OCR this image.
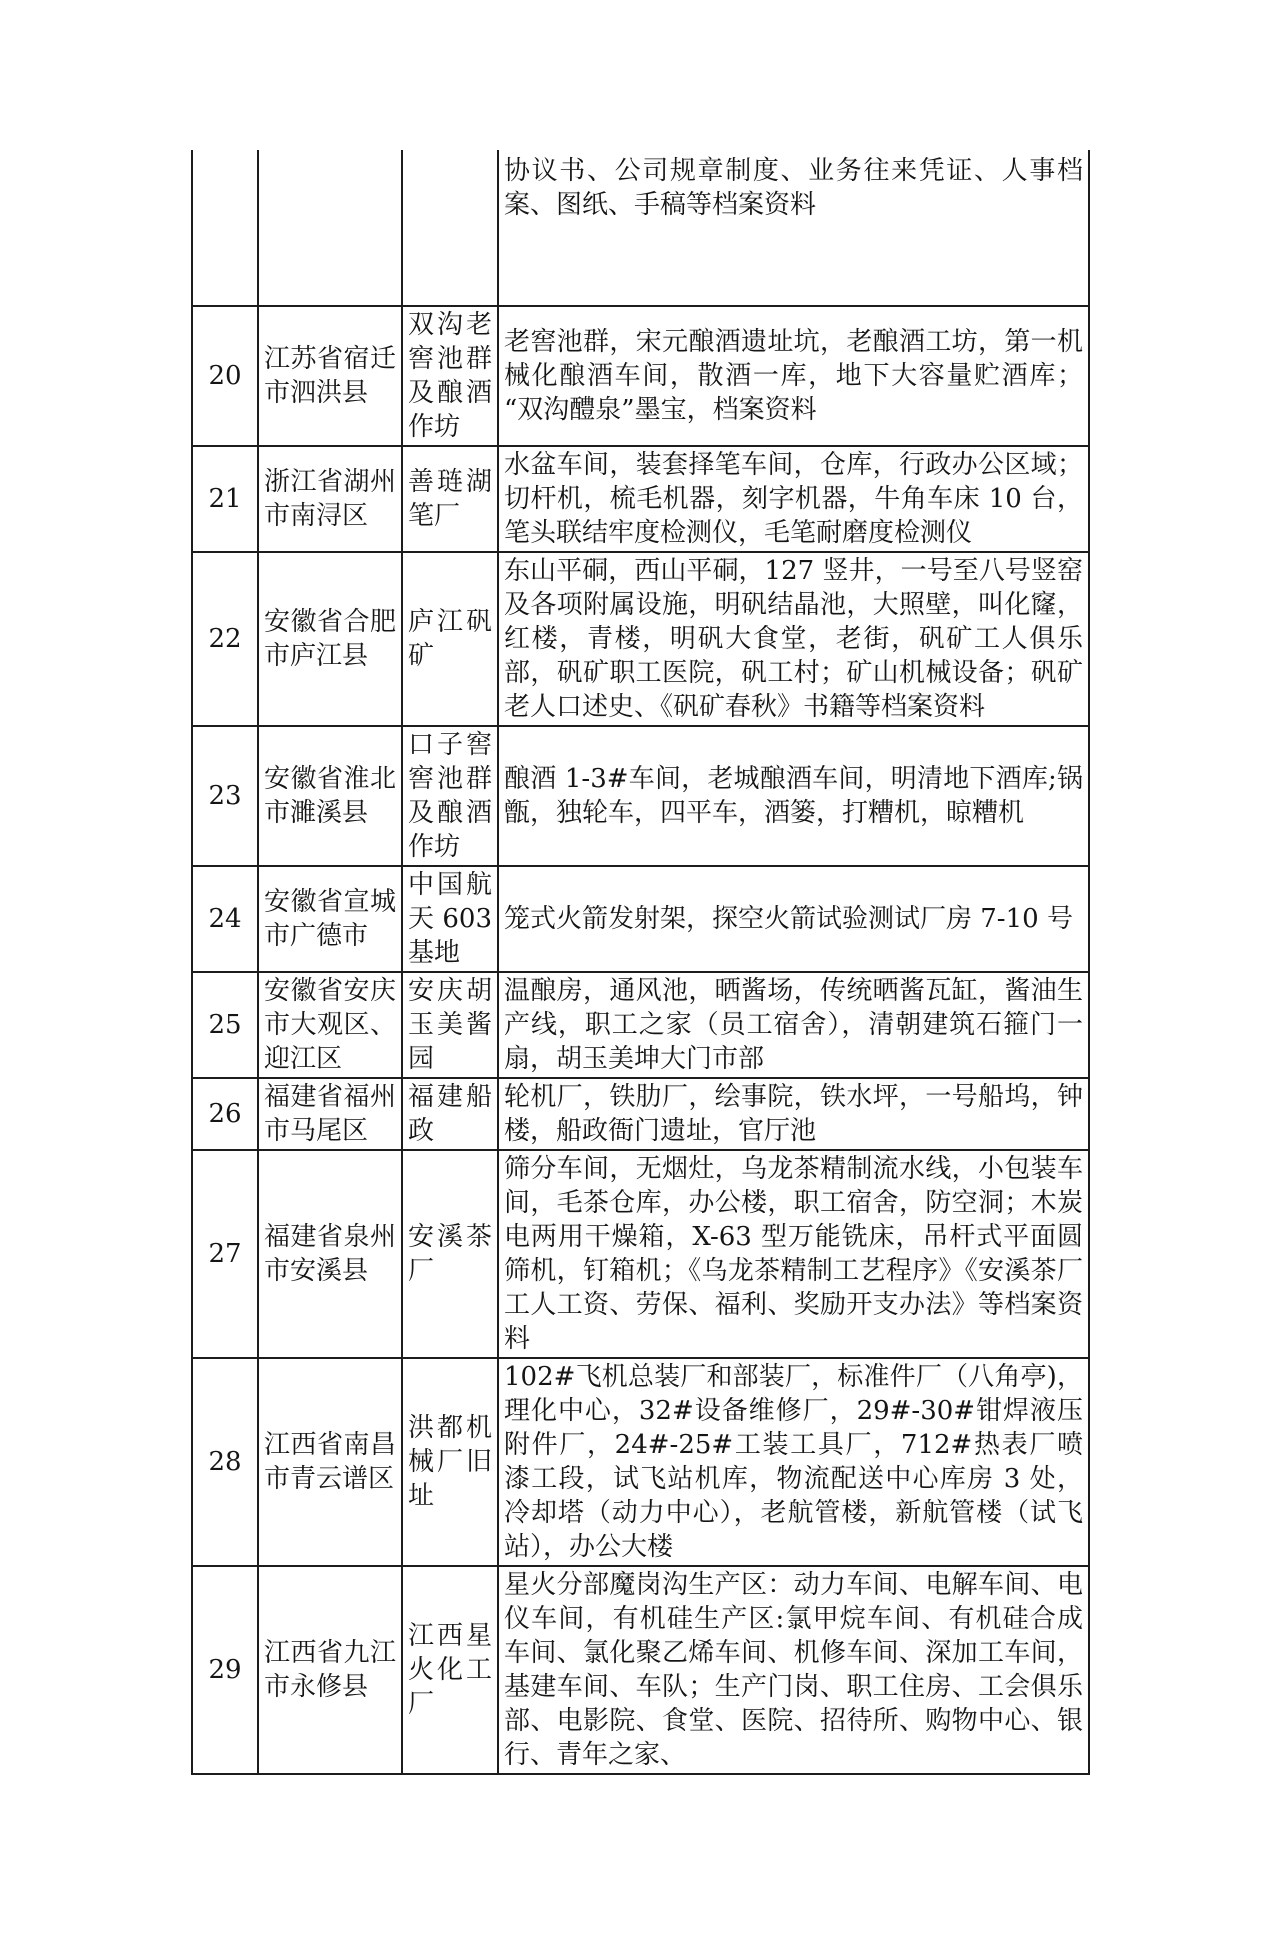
			协议书、公司规章制度、业务往来凭证、人事档案、图纸、手稿等档案资料
20	江苏省宿迁市泗洪县	双沟老窖池群及酿酒作坊	老窖池群，宋元酿酒遗址坑，老酿酒工坊，第一机械化酿酒车间，散酒一库，地下大容量贮酒库；“双沟醴泉”墨宝，档案资料
21	浙江省湖州市南浔区	善琏湖笔厂	水盆车间，装套择笔车间，仓库，行政办公区域；切杆机，梳毛机器，刻字机器，牛角车床 10 台，笔头联结牢度检测仪，毛笔耐磨度检测仪
22	安徽省合肥市庐江县	庐江矾矿	东山平硐，西山平硐，127 竖井，一号至八号竖窑及各项附属设施，明矾结晶池，大照壁，叫化窿，红楼，青楼，明矾大食堂，老街，矾矿工人俱乐部，矾矿职工医院，矾工村；矿山机械设备；矾矿老人口述史、《矾矿春秋》书籍等档案资料
23	安徽省淮北市濉溪县	口子窖窖池群及酿酒作坊	酿酒 1-3#车间，老城酿酒车间，明清地下酒库;锅甑，独轮车，四平车，酒篓，打糟机，晾糟机
24	安徽省宣城市广德市	中国航天 603 基地	笼式火箭发射架，探空火箭试验测试厂房 7-10 号
25	安徽省安庆市大观区、迎江区	安庆胡玉美酱园	温酿房，通风池，晒酱场，传统晒酱瓦缸，酱油生产线，职工之家（员工宿舍），清朝建筑石箍门一扇，胡玉美坤大门市部
26	福建省福州市马尾区	福建船政	轮机厂，铁肋厂，绘事院，铁水坪，一号船坞，钟楼，船政衙门遗址，官厅池
27	福建省泉州市安溪县	安溪茶厂	筛分车间，无烟灶，乌龙茶精制流水线，小包装车间，毛茶仓库，办公楼，职工宿舍，防空洞；木炭电两用干燥箱，X-63 型万能铣床，吊杆式平面圆筛机，钉箱机；《乌龙茶精制工艺程序》《安溪茶厂工人工资、劳保、福利、奖励开支办法》等档案资料
28	江西省南昌市青云谱区	洪都机械厂旧址	102#飞机总装厂和部装厂，标准件厂（八角亭)，理化中心，32#设备维修厂，29#-30#钳焊液压附件厂，24#-25#工装工具厂，712#热表厂喷漆工段，试飞站机库，物流配送中心库房 3 处，冷却塔（动力中心），老航管楼，新航管楼（试飞站），办公大楼
29	江西省九江市永修县	江西星火化工厂	星火分部魔岗沟生产区：动力车间、电解车间、电仪车间，有机硅生产区:氯甲烷车间、有机硅合成车间、氯化聚乙烯车间、机修车间、深加工车间，基建车间、车队；生产门岗、职工住房、工会俱乐部、电影院、食堂、医院、招待所、购物中心、银行、青年之家、
